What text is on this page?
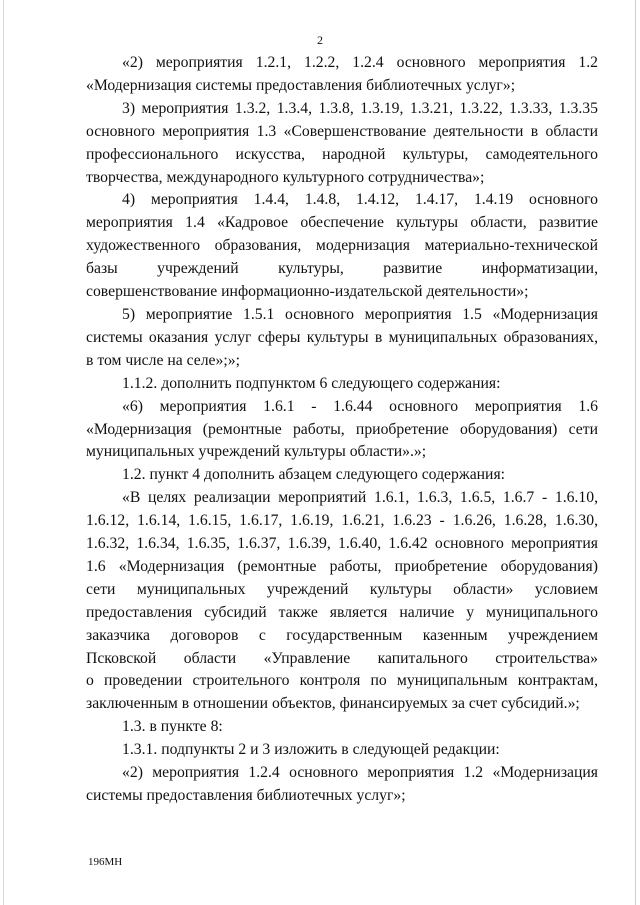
2

«2) мероприятия 1.2.1, 1.2.2, 1.2.4 основного мероприятия 1.2
«Модернизация системы предоставления библиотечных услуг»;

3) мероприятия 1.3.2, 1.3.4, 1.3.8, 1.3.19, 1.3.21, 1.3.22, 1.3.33, 1.3.35
основного мероприятия 1.3 «Совершенствование деятельности в области
профессионального искусства, народной культуры, самодеятельного
творчества, международного культурного сотрудничества»;

4) мероприятия 1.4.4, 1.4.8, 1.4.12, 1.4.17, 1.4.19 основного
мероприятия 1.4 «Кадровое обеспечение культуры области, развитие
художественного образования, модернизация материально-технической
базы учреждений культуры, развитие информатизации,
совершенствование информационно-издательской деятельности»;

5) мероприятие 1.5.1 основного мероприятия 1.5 «Модернизация
системы оказания услуг сферы культуры в муниципальных образованиях,
в том числе на селе»;»;

1.1.2. дополнить подпунктом 6 следующего содержания:

«6) мероприятия 1.6.1 - 1.6.44 основного мероприятия 1.6
«Модернизация (ремонтные работы, приобретение оборудования) сети
муниципальных учреждений культуры области».»;

1.2. пункт 4 дополнить абзацем следующего содержания:

«В целях реализации мероприятий 1.6.1, 1.6.3, 1.6.5, 1.6.7 - 1.6.10,
1.6.12, 1.6.14, 1.6.15, 1.6.17, 1.6.19, 1.6.21, 1.6.23 - 1.6.26, 1.6.28, 1.6.30,
1.6.32, 1.6.34, 1.6.35, 1.6.37, 1.6.39, 1.6.40, 1.6.42 основного мероприятия
1.6 «Модернизация (ремонтные работы, приобретение оборудования)
сети муниципальных учреждений культуры области» условием
предоставления субсидий также является наличие у муниципального
заказчика договоров с государственным казенным учреждением
Псковской области «Управление капитального строительства»
о проведении строительного контроля по муниципальным контрактам,
заключенным в отношении объектов, финансируемых за счет субсидий.»;

1.3. в пункте 8:

1.3.1. подпункты 2 и 3 изложить в следующей редакции:

«2) мероприятия 1.2.4 основного мероприятия 1.2 «Модернизация
системы предоставления библиотечных услуг»;

196МН
